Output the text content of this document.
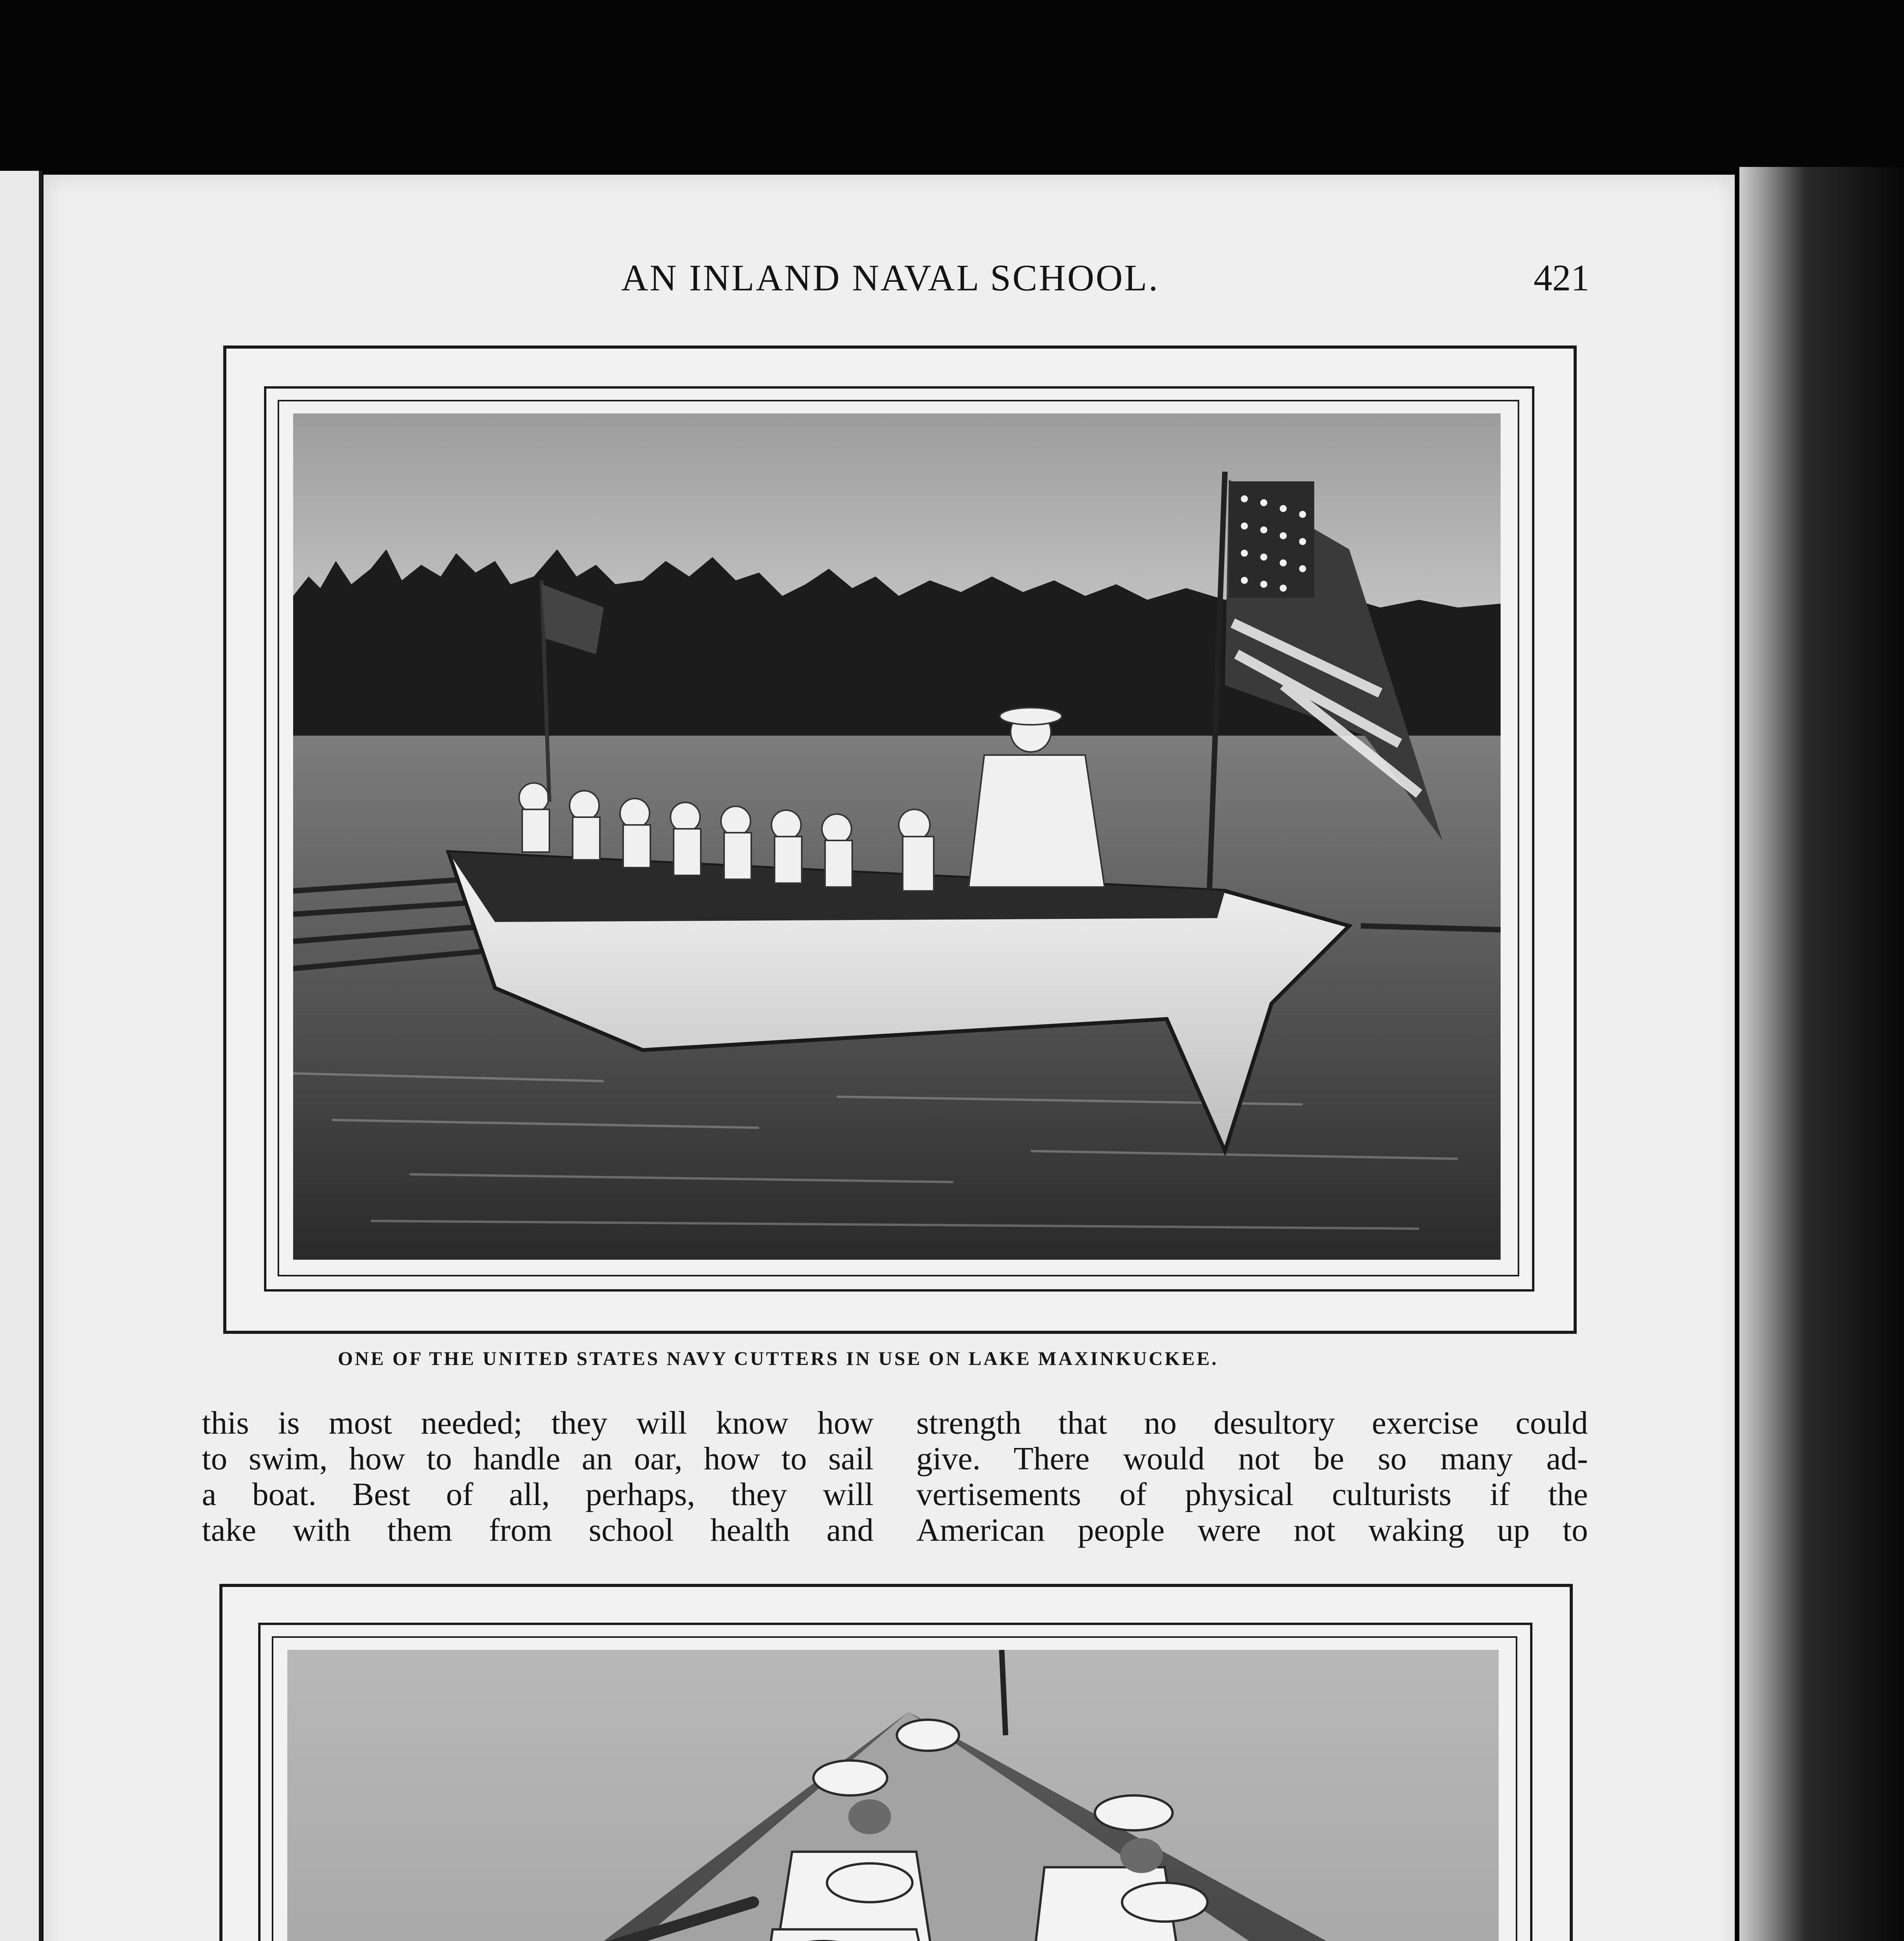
AN INLAND NAVAL SCHOOL.	421
ONE OF THE UNITED STATES NAVY CUTTERS IN USE ON LAKE MAXINKUCKEE.
this is most needed; they will know how
to swim, how to handle an oar, how to sail
a boat. Best of all, perhaps, they will
take with them from school health and
strength that no desultory exercise could
give. There would not be so many ad-
vertisements of physical culturists if the
American people were not waking up to
